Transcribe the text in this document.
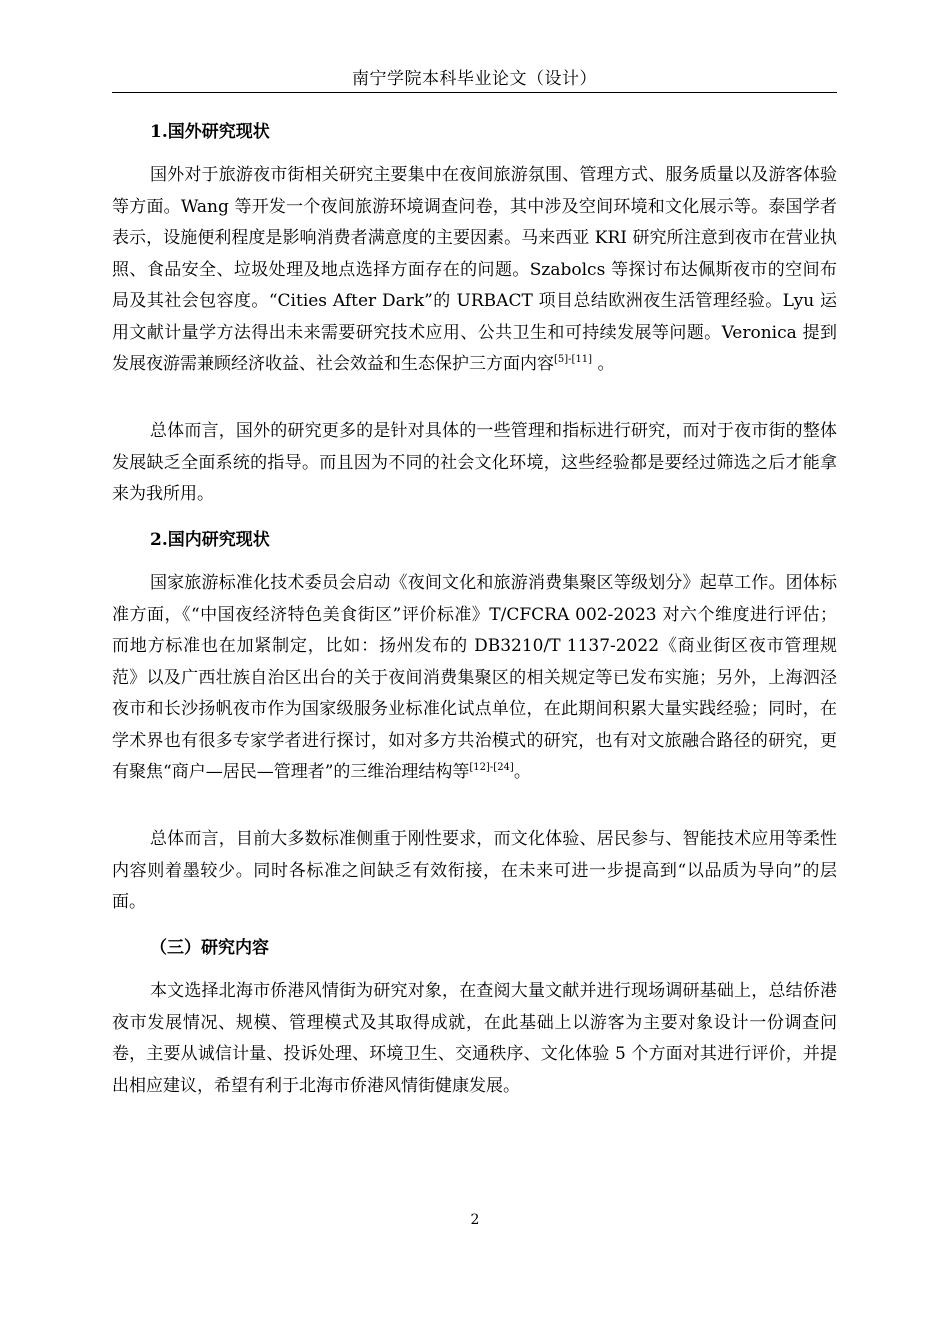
南宁学院本科毕业论文（设计）
1.国外研究现状

国外对于旅游夜市街相关研究主要集中在夜间旅游氛围、管理方式、服务质量以及游客体验等方面。Wang 等开发一个夜间旅游环境调查问卷，其中涉及空间环境和文化展示等。泰国学者表示，设施便利程度是影响消费者满意度的主要因素。马来西亚 KRI 研究所注意到夜市在营业执照、食品安全、垃圾处理及地点选择方面存在的问题。Szabolcs 等探讨布达佩斯夜市的空间布局及其社会包容度。“Cities After Dark”的 URBACT 项目总结欧洲夜生活管理经验。Lyu 运用文献计量学方法得出未来需要研究技术应用、公共卫生和可持续发展等问题。Veronica 提到发展夜游需兼顾经济收益、社会效益和生态保护三方面内容[5]-[11] 。

总体而言，国外的研究更多的是针对具体的一些管理和指标进行研究，而对于夜市街的整体发展缺乏全面系统的指导。而且因为不同的社会文化环境，这些经验都是要经过筛选之后才能拿来为我所用。

2.国内研究现状

国家旅游标准化技术委员会启动《夜间文化和旅游消费集聚区等级划分》起草工作。团体标准方面，《“中国夜经济特色美食街区”评价标准》T/CFCRA 002-2023 对六个维度进行评估；而地方标准也在加紧制定，比如：扬州发布的 DB3210/T 1137-2022《商业街区夜市管理规范》以及广西壮族自治区出台的关于夜间消费集聚区的相关规定等已发布实施；另外，上海泗泾夜市和长沙扬帆夜市作为国家级服务业标准化试点单位，在此期间积累大量实践经验；同时，在学术界也有很多专家学者进行探讨，如对多方共治模式的研究，也有对文旅融合路径的研究，更有聚焦“商户—居民—管理者”的三维治理结构等[12]-[24]。

总体而言，目前大多数标准侧重于刚性要求，而文化体验、居民参与、智能技术应用等柔性内容则着墨较少。同时各标准之间缺乏有效衔接，在未来可进一步提高到“以品质为导向”的层面。

（三）研究内容

本文选择北海市侨港风情街为研究对象，在查阅大量文献并进行现场调研基础上，总结侨港夜市发展情况、规模、管理模式及其取得成就，在此基础上以游客为主要对象设计一份调查问卷，主要从诚信计量、投诉处理、环境卫生、交通秩序、文化体验 5 个方面对其进行评价，并提出相应建议，希望有利于北海市侨港风情街健康发展。

2
